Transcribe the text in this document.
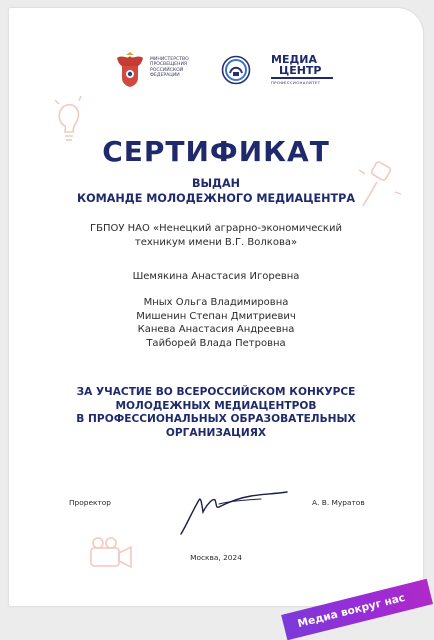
МИНИСТЕРСТВО
ПРОСВЕЩЕНИЯ
РОССИЙСКОЙ
ФЕДЕРАЦИИ
МЕДИА
ЦЕНТР
ПРОФЕССИОНАЛИТЕТ
СЕРТИФИКАТ
ВЫДАН
КОМАНДЕ МОЛОДЕЖНОГО МЕДИАЦЕНТРА
ГБПОУ НАО «Ненецкий аграрно-экономический
техникум имени В.Г. Волкова»
Шемякина Анастасия Игоревна
Мных Ольга Владимировна
Мишенин Степан Дмитриевич
Канева Анастасия Андреевна
Тайборей Влада Петровна
ЗА УЧАСТИЕ ВО ВСЕРОССИЙСКОМ КОНКУРСЕ
МОЛОДЕЖНЫХ МЕДИАЦЕНТРОВ
В ПРОФЕССИОНАЛЬНЫХ ОБРАЗОВАТЕЛЬНЫХ
ОРГАНИЗАЦИЯХ
Проректор	А. В. Муратов
Москва, 2024
Медиа вокруг нас
